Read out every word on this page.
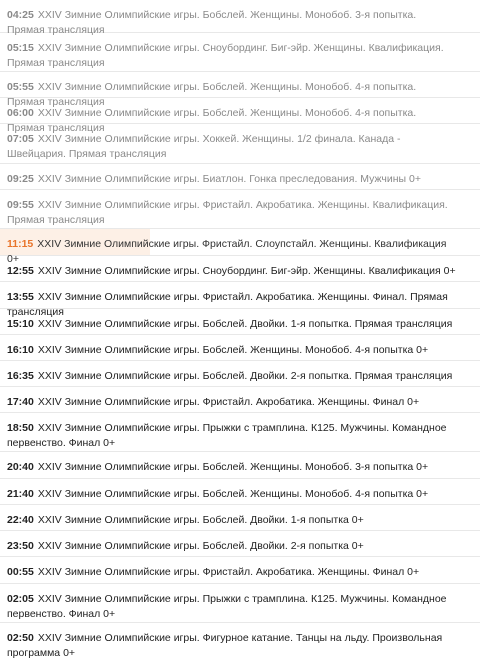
04:25 XXIV Зимние Олимпийские игры. Бобслей. Женщины. Монобоб. 3-я попытка. Прямая трансляция
05:15 XXIV Зимние Олимпийские игры. Сноубординг. Биг-эйр. Женщины. Квалификация. Прямая трансляция
05:55 XXIV Зимние Олимпийские игры. Бобслей. Женщины. Монобоб. 4-я попытка. Прямая трансляция
06:00 XXIV Зимние Олимпийские игры. Бобслей. Женщины. Монобоб. 4-я попытка. Прямая трансляция
07:05 XXIV Зимние Олимпийские игры. Хоккей. Женщины. 1/2 финала. Канада - Швейцария. Прямая трансляция
09:25 XXIV Зимние Олимпийские игры. Биатлон. Гонка преследования. Мужчины 0+
09:55 XXIV Зимние Олимпийские игры. Фристайл. Акробатика. Женщины. Квалификация. Прямая трансляция
11:15 XXIV Зимние Олимпийские игры. Фристайл. Слоупстайл. Женщины. Квалификация 0+
12:55 XXIV Зимние Олимпийские игры. Сноубординг. Биг-эйр. Женщины. Квалификация 0+
13:55 XXIV Зимние Олимпийские игры. Фристайл. Акробатика. Женщины. Финал. Прямая трансляция
15:10 XXIV Зимние Олимпийские игры. Бобслей. Двойки. 1-я попытка. Прямая трансляция
16:10 XXIV Зимние Олимпийские игры. Бобслей. Женщины. Монобоб. 4-я попытка 0+
16:35 XXIV Зимние Олимпийские игры. Бобслей. Двойки. 2-я попытка. Прямая трансляция
17:40 XXIV Зимние Олимпийские игры. Фристайл. Акробатика. Женщины. Финал 0+
18:50 XXIV Зимние Олимпийские игры. Прыжки с трамплина. К125. Мужчины. Командное первенство. Финал 0+
20:40 XXIV Зимние Олимпийские игры. Бобслей. Женщины. Монобоб. 3-я попытка 0+
21:40 XXIV Зимние Олимпийские игры. Бобслей. Женщины. Монобоб. 4-я попытка 0+
22:40 XXIV Зимние Олимпийские игры. Бобслей. Двойки. 1-я попытка 0+
23:50 XXIV Зимние Олимпийские игры. Бобслей. Двойки. 2-я попытка 0+
00:55 XXIV Зимние Олимпийские игры. Фристайл. Акробатика. Женщины. Финал 0+
02:05 XXIV Зимние Олимпийские игры. Прыжки с трамплина. К125. Мужчины. Командное первенство. Финал 0+
02:50 XXIV Зимние Олимпийские игры. Фигурное катание. Танцы на льду. Произвольная программа 0+
